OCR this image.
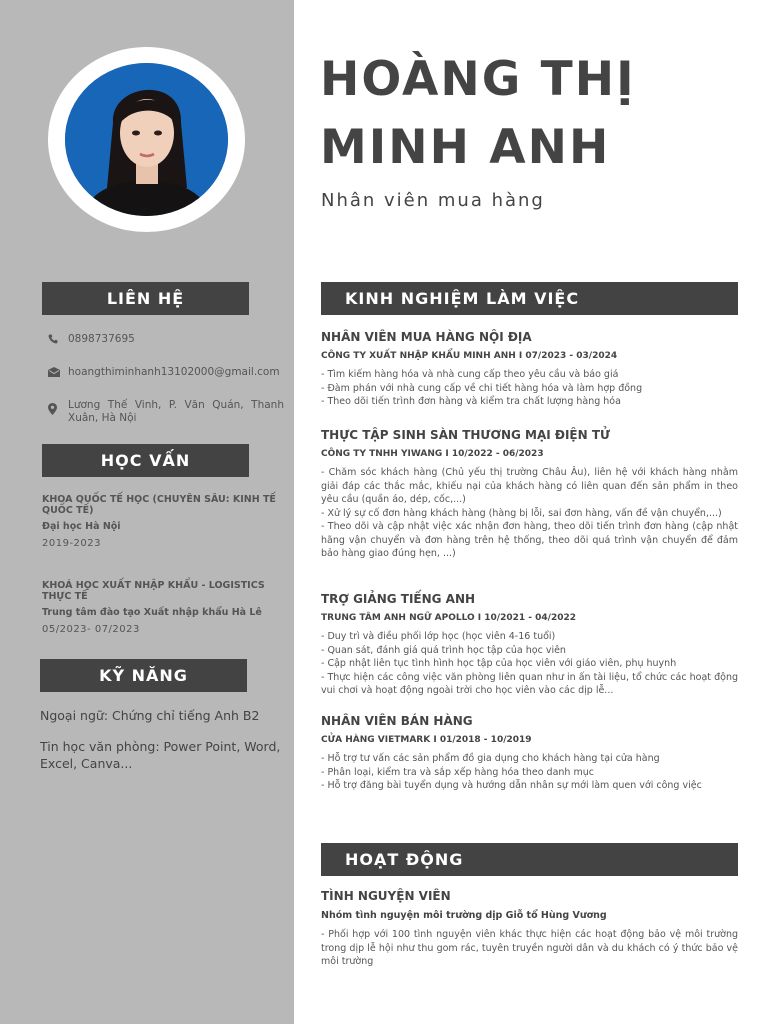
LIÊN HỆ
0898737695
hoangthiminhanh13102000@gmail.com
Lương Thế Vinh, P. Văn Quán, Thanh Xuân, Hà Nội
HỌC VẤN
KHOA QUỐC TẾ HỌC (CHUYÊN SÂU: KINH TẾ QUỐC TẾ)
Đại học Hà Nội
2019-2023
KHOÁ HỌC XUẤT NHẬP KHẨU - LOGISTICS THỰC TẾ
Trung tâm đào tạo Xuất nhập khẩu Hà Lê
05/2023- 07/2023
KỸ NĂNG
Ngoại ngữ: Chứng chỉ tiếng Anh B2
Tin học văn phòng: Power Point, Word, Excel, Canva...
HOÀNG THỊ
MINH ANH
Nhân viên mua hàng
KINH NGHIỆM LÀM VIỆC
NHÂN VIÊN MUA HÀNG NỘI ĐỊA
CÔNG TY XUẤT NHẬP KHẨU MINH ANH I 07/2023 - 03/2024
- Tìm kiếm hàng hóa và nhà cung cấp theo yêu cầu và báo giá
- Đàm phán với nhà cung cấp về chi tiết hàng hóa và làm hợp đồng
- Theo dõi tiến trình đơn hàng và kiểm tra chất lượng hàng hóa
THỰC TẬP SINH SÀN THƯƠNG MẠI ĐIỆN TỬ
CÔNG TY TNHH YIWANG I 10/2022 - 06/2023
- Chăm sóc khách hàng (Chủ yếu thị trường Châu Âu), liên hệ với khách hàng nhằm giải đáp các thắc mắc, khiếu nại của khách hàng có liên quan đến sản phẩm in theo yêu cầu (quần áo, dép, cốc,...)
- Xử lý sự cố đơn hàng khách hàng (hàng bị lỗi, sai đơn hàng, vấn đề vận chuyển,...)
- Theo dõi và cập nhật việc xác nhận đơn hàng, theo dõi tiến trình đơn hàng (cập nhật hãng vận chuyển và đơn hàng trên hệ thống, theo dõi quá trình vận chuyển để đảm bảo hàng giao đúng hẹn, ...)
TRỢ GIẢNG TIẾNG ANH
TRUNG TÂM ANH NGỮ APOLLO I 10/2021 - 04/2022
- Duy trì và điều phối lớp học (học viên 4-16 tuổi)
- Quan sát, đánh giá quá trình học tập của học viên
- Cập nhật liên tục tình hình học tập của học viên với giáo viên, phụ huynh
- Thực hiện các công việc văn phòng liên quan như in ấn tài liệu, tổ chức các hoạt động vui chơi và hoạt động ngoài trời cho học viên vào các dịp lễ...
NHÂN VIÊN BÁN HÀNG
CỬA HÀNG VIETMARK I 01/2018 - 10/2019
- Hỗ trợ tư vấn các sản phẩm đồ gia dụng cho khách hàng tại cửa hàng
- Phân loại, kiểm tra và sắp xếp hàng hóa theo danh mục
- Hỗ trợ đăng bài tuyển dụng và hướng dẫn nhân sự mới làm quen với công việc
HOẠT ĐỘNG
TÌNH NGUYỆN VIÊN
Nhóm tình nguyện môi trường dịp Giỗ tổ Hùng Vương
- Phối hợp với 100 tình nguyện viên khác thực hiện các hoạt động bảo vệ môi trường trong dịp lễ hội như thu gom rác, tuyên truyền người dân và du khách có ý thức bảo vệ môi trường
